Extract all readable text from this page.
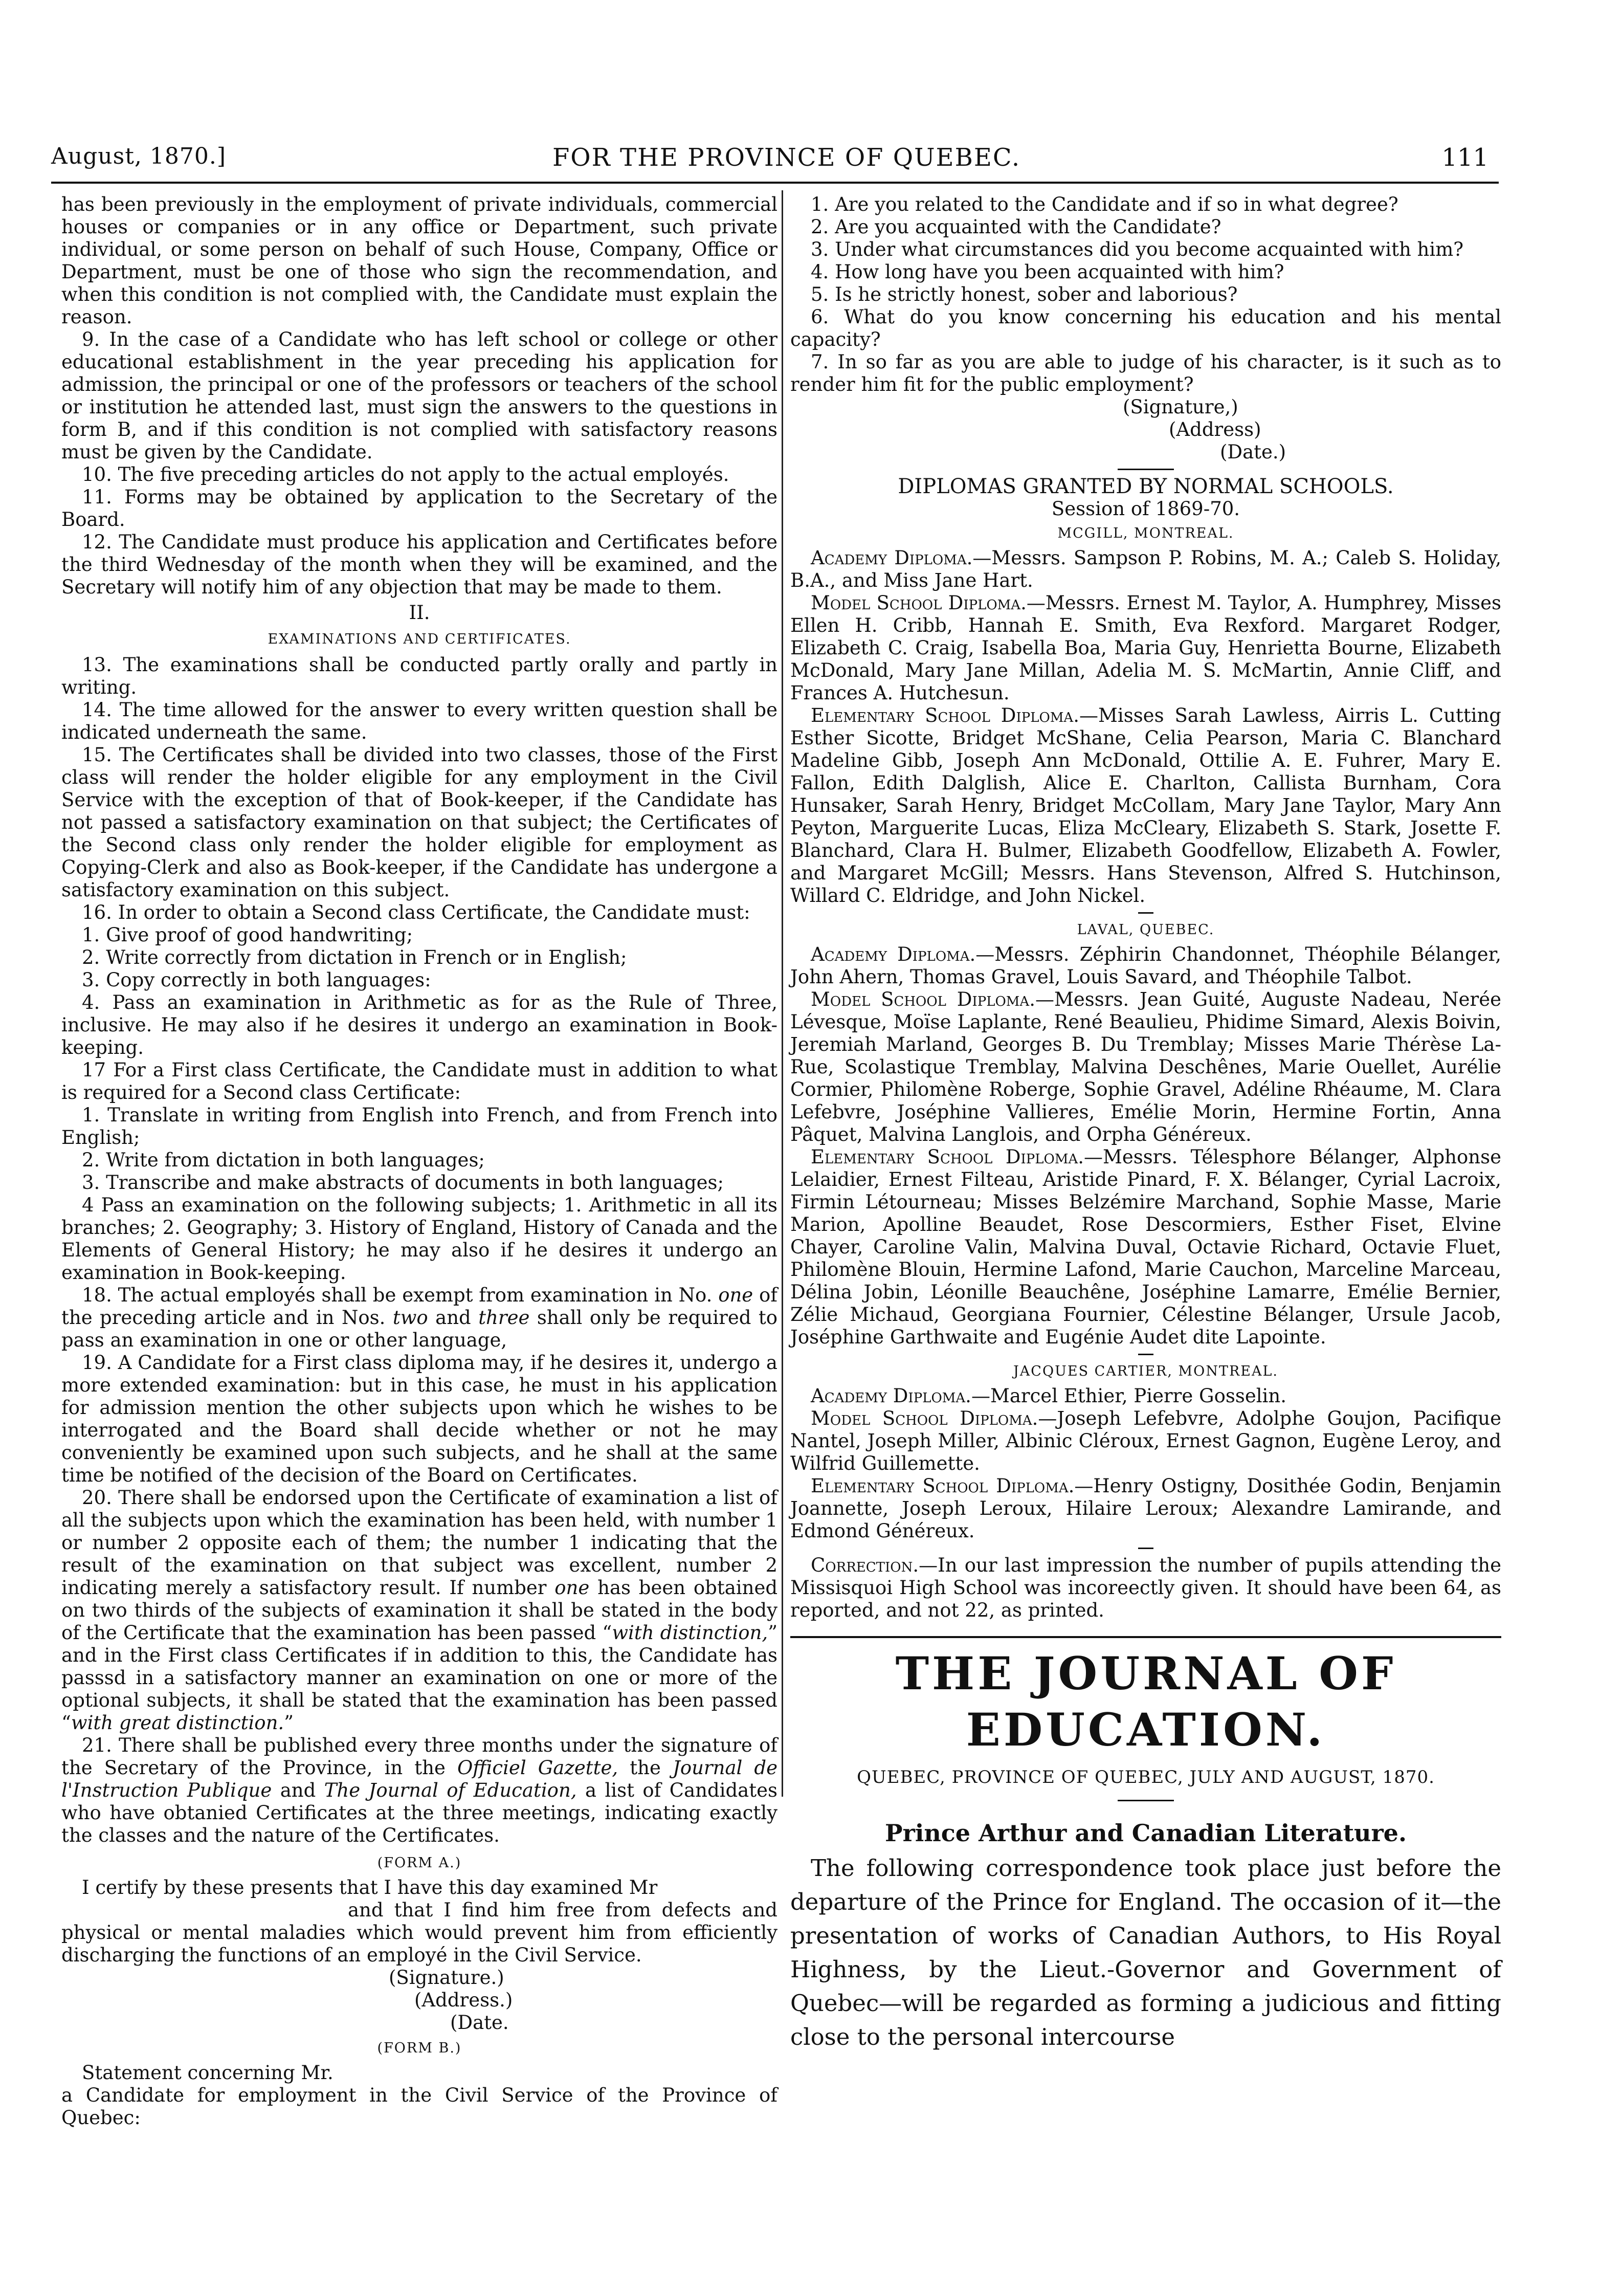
August, 1870.]	FOR THE PROVINCE OF QUEBEC.	111

has been previously in the employment of private individuals, commercial houses or companies or in any office or Department, such private individual, or some person on behalf of such House, Company, Office or Department, must be one of those who sign the recommendation, and when this condition is not complied with, the Candidate must explain the reason.

9. In the case of a Candidate who has left school or college or other educational establishment in the year preceding his application for admission, the principal or one of the professors or teachers of the school or institution he attended last, must sign the answers to the questions in form B, and if this condition is not complied with satisfactory reasons must be given by the Candidate.

10. The five preceding articles do not apply to the actual employés.

11. Forms may be obtained by application to the Secretary of the Board.

12. The Candidate must produce his application and Certificates before the third Wednesday of the month when they will be examined, and the Secretary will notify him of any objection that may be made to them.

II.

EXAMINATIONS AND CERTIFICATES.

13. The examinations shall be conducted partly orally and partly in writing.

14. The time allowed for the answer to every written question shall be indicated underneath the same.

15. The Certificates shall be divided into two classes, those of the First class will render the holder eligible for any employment in the Civil Service with the exception of that of Book-keeper, if the Candidate has not passed a satisfactory examination on that subject; the Certificates of the Second class only render the holder eligible for employment as Copying-Clerk and also as Book-keeper, if the Candidate has undergone a satisfactory examination on this subject.

16. In order to obtain a Second class Certificate, the Candidate must:

1. Give proof of good handwriting;

2. Write correctly from dictation in French or in English;

3. Copy correctly in both languages:

4. Pass an examination in Arithmetic as for as the Rule of Three, inclusive. He may also if he desires it undergo an examination in Book-keeping.

17 For a First class Certificate, the Candidate must in addition to what is required for a Second class Certificate:

1. Translate in writing from English into French, and from French into English;

2. Write from dictation in both languages;

3. Transcribe and make abstracts of documents in both languages;

4 Pass an examination on the following subjects; 1. Arithmetic in all its branches; 2. Geography; 3. History of England, History of Canada and the Elements of General History; he may also if he desires it undergo an examination in Book-keeping.

18. The actual employés shall be exempt from examination in No. one of the preceding article and in Nos. two and three shall only be required to pass an examination in one or other language,

19. A Candidate for a First class diploma may, if he desires it, undergo a more extended examination: but in this case, he must in his application for admission mention the other subjects upon which he wishes to be interrogated and the Board shall decide whether or not he may conveniently be examined upon such subjects, and he shall at the same time be notified of the decision of the Board on Certificates.

20. There shall be endorsed upon the Certificate of examination a list of all the subjects upon which the examination has been held, with number 1 or number 2 opposite each of them; the number 1 indicating that the result of the examination on that subject was excellent, number 2 indicating merely a satisfactory result. If number one has been obtained on two thirds of the subjects of examination it shall be stated in the body of the Certificate that the examination has been passed “with distinction,” and in the First class Certificates if in addition to this, the Candidate has passsd in a satisfactory manner an examination on one or more of the optional subjects, it shall be stated that the examination has been passed “with great distinction.”

21. There shall be published every three months under the signature of the Secretary of the Province, in the Officiel Gazette, the Journal de l'Instruction Publique and The Journal of Education, a list of Candidates who have obtanied Certificates at the three meetings, indicating exactly the classes and the nature of the Certificates.

(FORM A.)

I certify by these presents that I have this day examined Mr

and that I find him free from defects and physical or mental maladies which would prevent him from efficiently discharging the functions of an employé in the Civil Service.

(Signature.)

(Address.)

(Date.

(FORM B.)

Statement concerning Mr.

a Candidate for employment in the Civil Service of the Province of Quebec:

1. Are you related to the Candidate and if so in what degree?

2. Are you acquainted with the Candidate?

3. Under what circumstances did you become acquainted with him?

4. How long have you been acquainted with him?

5. Is he strictly honest, sober and laborious?

6. What do you know concerning his education and his mental capacity?

7. In so far as you are able to judge of his character, is it such as to render him fit for the public employment?

(Signature,)

(Address)

(Date.)

DIPLOMAS GRANTED BY NORMAL SCHOOLS.

Session of 1869-70.

MCGILL, MONTREAL.

Academy Diploma.—Messrs. Sampson P. Robins, M. A.; Caleb S. Holiday, B.A., and Miss Jane Hart.

Model School Diploma.—Messrs. Ernest M. Taylor, A. Humphrey, Misses Ellen H. Cribb, Hannah E. Smith, Eva Rexford. Margaret Rodger, Elizabeth C. Craig, Isabella Boa, Maria Guy, Henrietta Bourne, Elizabeth McDonald, Mary Jane Millan, Adelia M. S. McMartin, Annie Cliff, and Frances A. Hutchesun.

Elementary School Diploma.—Misses Sarah Lawless, Airris L. Cutting Esther Sicotte, Bridget McShane, Celia Pearson, Maria C. Blanchard Madeline Gibb, Joseph Ann McDonald, Ottilie A. E. Fuhrer, Mary E. Fallon, Edith Dalglish, Alice E. Charlton, Callista Burnham, Cora Hunsaker, Sarah Henry, Bridget McCollam, Mary Jane Taylor, Mary Ann Peyton, Marguerite Lucas, Eliza McCleary, Elizabeth S. Stark, Josette F. Blanchard, Clara H. Bulmer, Elizabeth Goodfellow, Elizabeth A. Fowler, and Margaret McGill; Messrs. Hans Stevenson, Alfred S. Hutchinson, Willard C. Eldridge, and John Nickel.

LAVAL, QUEBEC.

Academy Diploma.—Messrs. Zéphirin Chandonnet, Théophile Bélanger, John Ahern, Thomas Gravel, Louis Savard, and Théophile Talbot.

Model School Diploma.—Messrs. Jean Guité, Auguste Nadeau, Nerée Lévesque, Moïse Laplante, René Beaulieu, Phidime Simard, Alexis Boivin, Jeremiah Marland, Georges B. Du Tremblay; Misses Marie Thérèse La-Rue, Scolastique Tremblay, Malvina Deschênes, Marie Ouellet, Aurélie Cormier, Philomène Roberge, Sophie Gravel, Adéline Rhéaume, M. Clara Lefebvre, Joséphine Vallieres, Emélie Morin, Hermine Fortin, Anna Pâquet, Malvina Langlois, and Orpha Généreux.

Elementary School Diploma.—Messrs. Télesphore Bélanger, Alphonse Lelaidier, Ernest Filteau, Aristide Pinard, F. X. Bélanger, Cyrial Lacroix, Firmin Létourneau; Misses Belzémire Marchand, Sophie Masse, Marie Marion, Apolline Beaudet, Rose Descormiers, Esther Fiset, Elvine Chayer, Caroline Valin, Malvina Duval, Octavie Richard, Octavie Fluet, Philomène Blouin, Hermine Lafond, Marie Cauchon, Marceline Marceau, Délina Jobin, Léonille Beauchêne, Joséphine Lamarre, Emélie Bernier, Zélie Michaud, Georgiana Fournier, Célestine Bélanger, Ursule Jacob, Joséphine Garthwaite and Eugénie Audet dite Lapointe.

JACQUES CARTIER, MONTREAL.

Academy Diploma.—Marcel Ethier, Pierre Gosselin.

Model School Diploma.—Joseph Lefebvre, Adolphe Goujon, Pacifique Nantel, Joseph Miller, Albinic Cléroux, Ernest Gagnon, Eugène Leroy, and Wilfrid Guillemette.

Elementary School Diploma.—Henry Ostigny, Dosithée Godin, Benjamin Joannette, Joseph Leroux, Hilaire Leroux; Alexandre Lamirande, and Edmond Généreux.

Correction.—In our last impression the number of pupils attending the Missisquoi High School was incoreectly given. It should have been 64, as reported, and not 22, as printed.

THE JOURNAL OF EDUCATION.
QUEBEC, PROVINCE OF QUEBEC, JULY AND AUGUST, 1870.
Prince Arthur and Canadian Literature.

The following correspondence took place just before the departure of the Prince for England. The occasion of it—the presentation of works of Canadian Authors, to His Royal Highness, by the Lieut.-Governor and Government of Quebec—will be regarded as forming a judicious and fitting close to the personal intercourse
